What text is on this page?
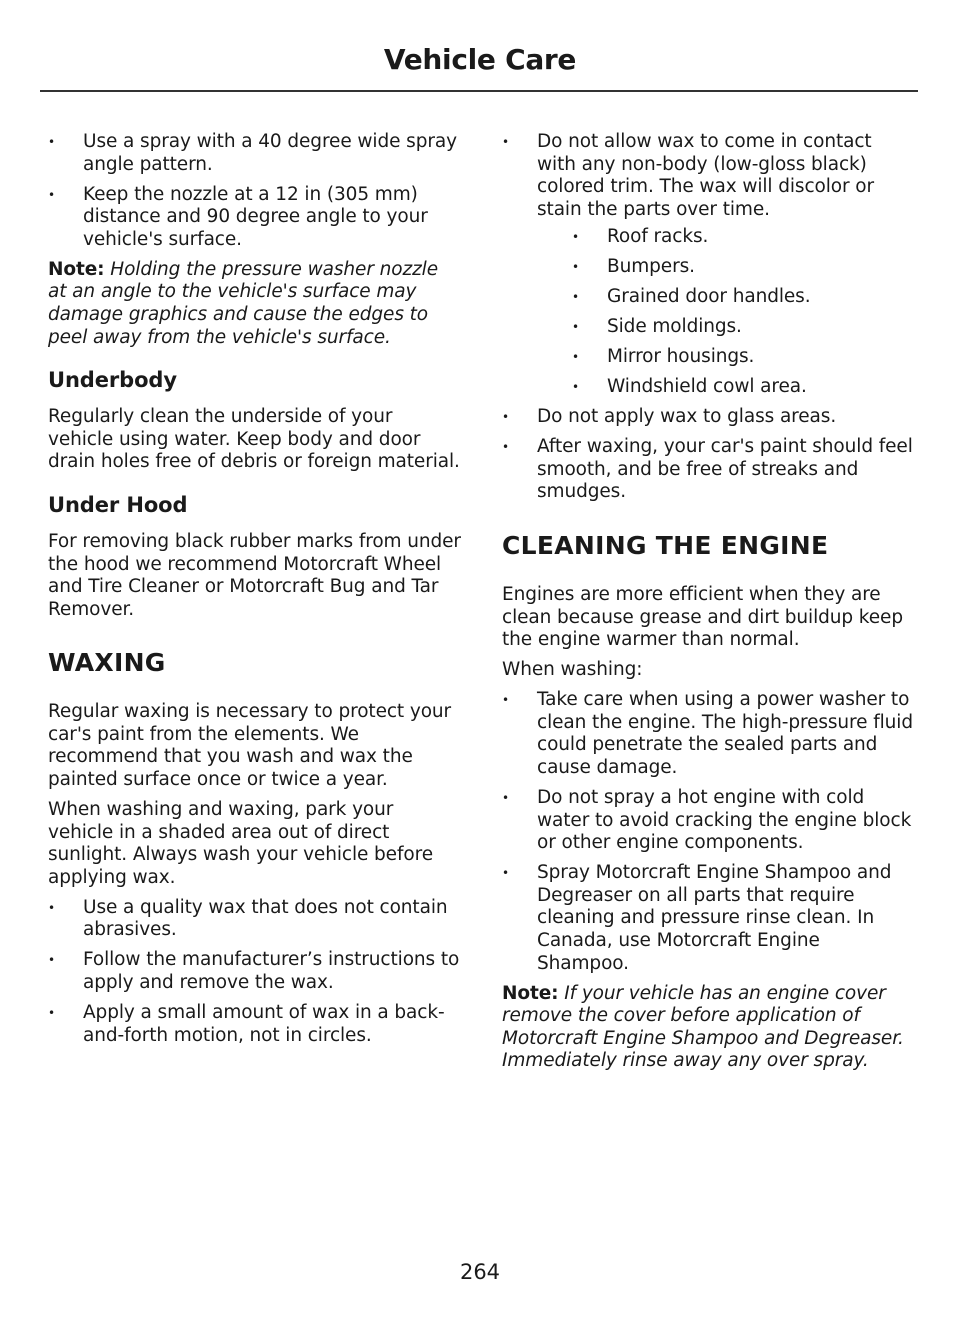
Vehicle Care
• Use a spray with a 40 degree wide spray angle pattern.
• Keep the nozzle at a 12 in (305 mm) distance and 90 degree angle to your vehicle's surface.

Note: Holding the pressure washer nozzle at an angle to the vehicle's surface may damage graphics and cause the edges to peel away from the vehicle's surface.

Underbody

Regularly clean the underside of your vehicle using water. Keep body and door drain holes free of debris or foreign material.

Under Hood

For removing black rubber marks from under the hood we recommend Motorcraft Wheel and Tire Cleaner or Motorcraft Bug and Tar Remover.

WAXING

Regular waxing is necessary to protect your car's paint from the elements. We recommend that you wash and wax the painted surface once or twice a year.

When washing and waxing, park your vehicle in a shaded area out of direct sunlight. Always wash your vehicle before applying wax.

• Use a quality wax that does not contain abrasives.
• Follow the manufacturer’s instructions to apply and remove the wax.
• Apply a small amount of wax in a back-and-forth motion, not in circles.
• Do not allow wax to come in contact with any non-body (low-gloss black) colored trim. The wax will discolor or stain the parts over time.
• Roof racks.
• Bumpers.
• Grained door handles.
• Side moldings.
• Mirror housings.
• Windshield cowl area.
• Do not apply wax to glass areas.
• After waxing, your car's paint should feel smooth, and be free of streaks and smudges.
CLEANING THE ENGINE

Engines are more efficient when they are clean because grease and dirt buildup keep the engine warmer than normal.

When washing:

• Take care when using a power washer to clean the engine. The high-pressure fluid could penetrate the sealed parts and cause damage.
• Do not spray a hot engine with cold water to avoid cracking the engine block or other engine components.
• Spray Motorcraft Engine Shampoo and Degreaser on all parts that require cleaning and pressure rinse clean. In Canada, use Motorcraft Engine Shampoo.

Note: If your vehicle has an engine cover remove the cover before application of Motorcraft Engine Shampoo and Degreaser. Immediately rinse away any over spray.

264
